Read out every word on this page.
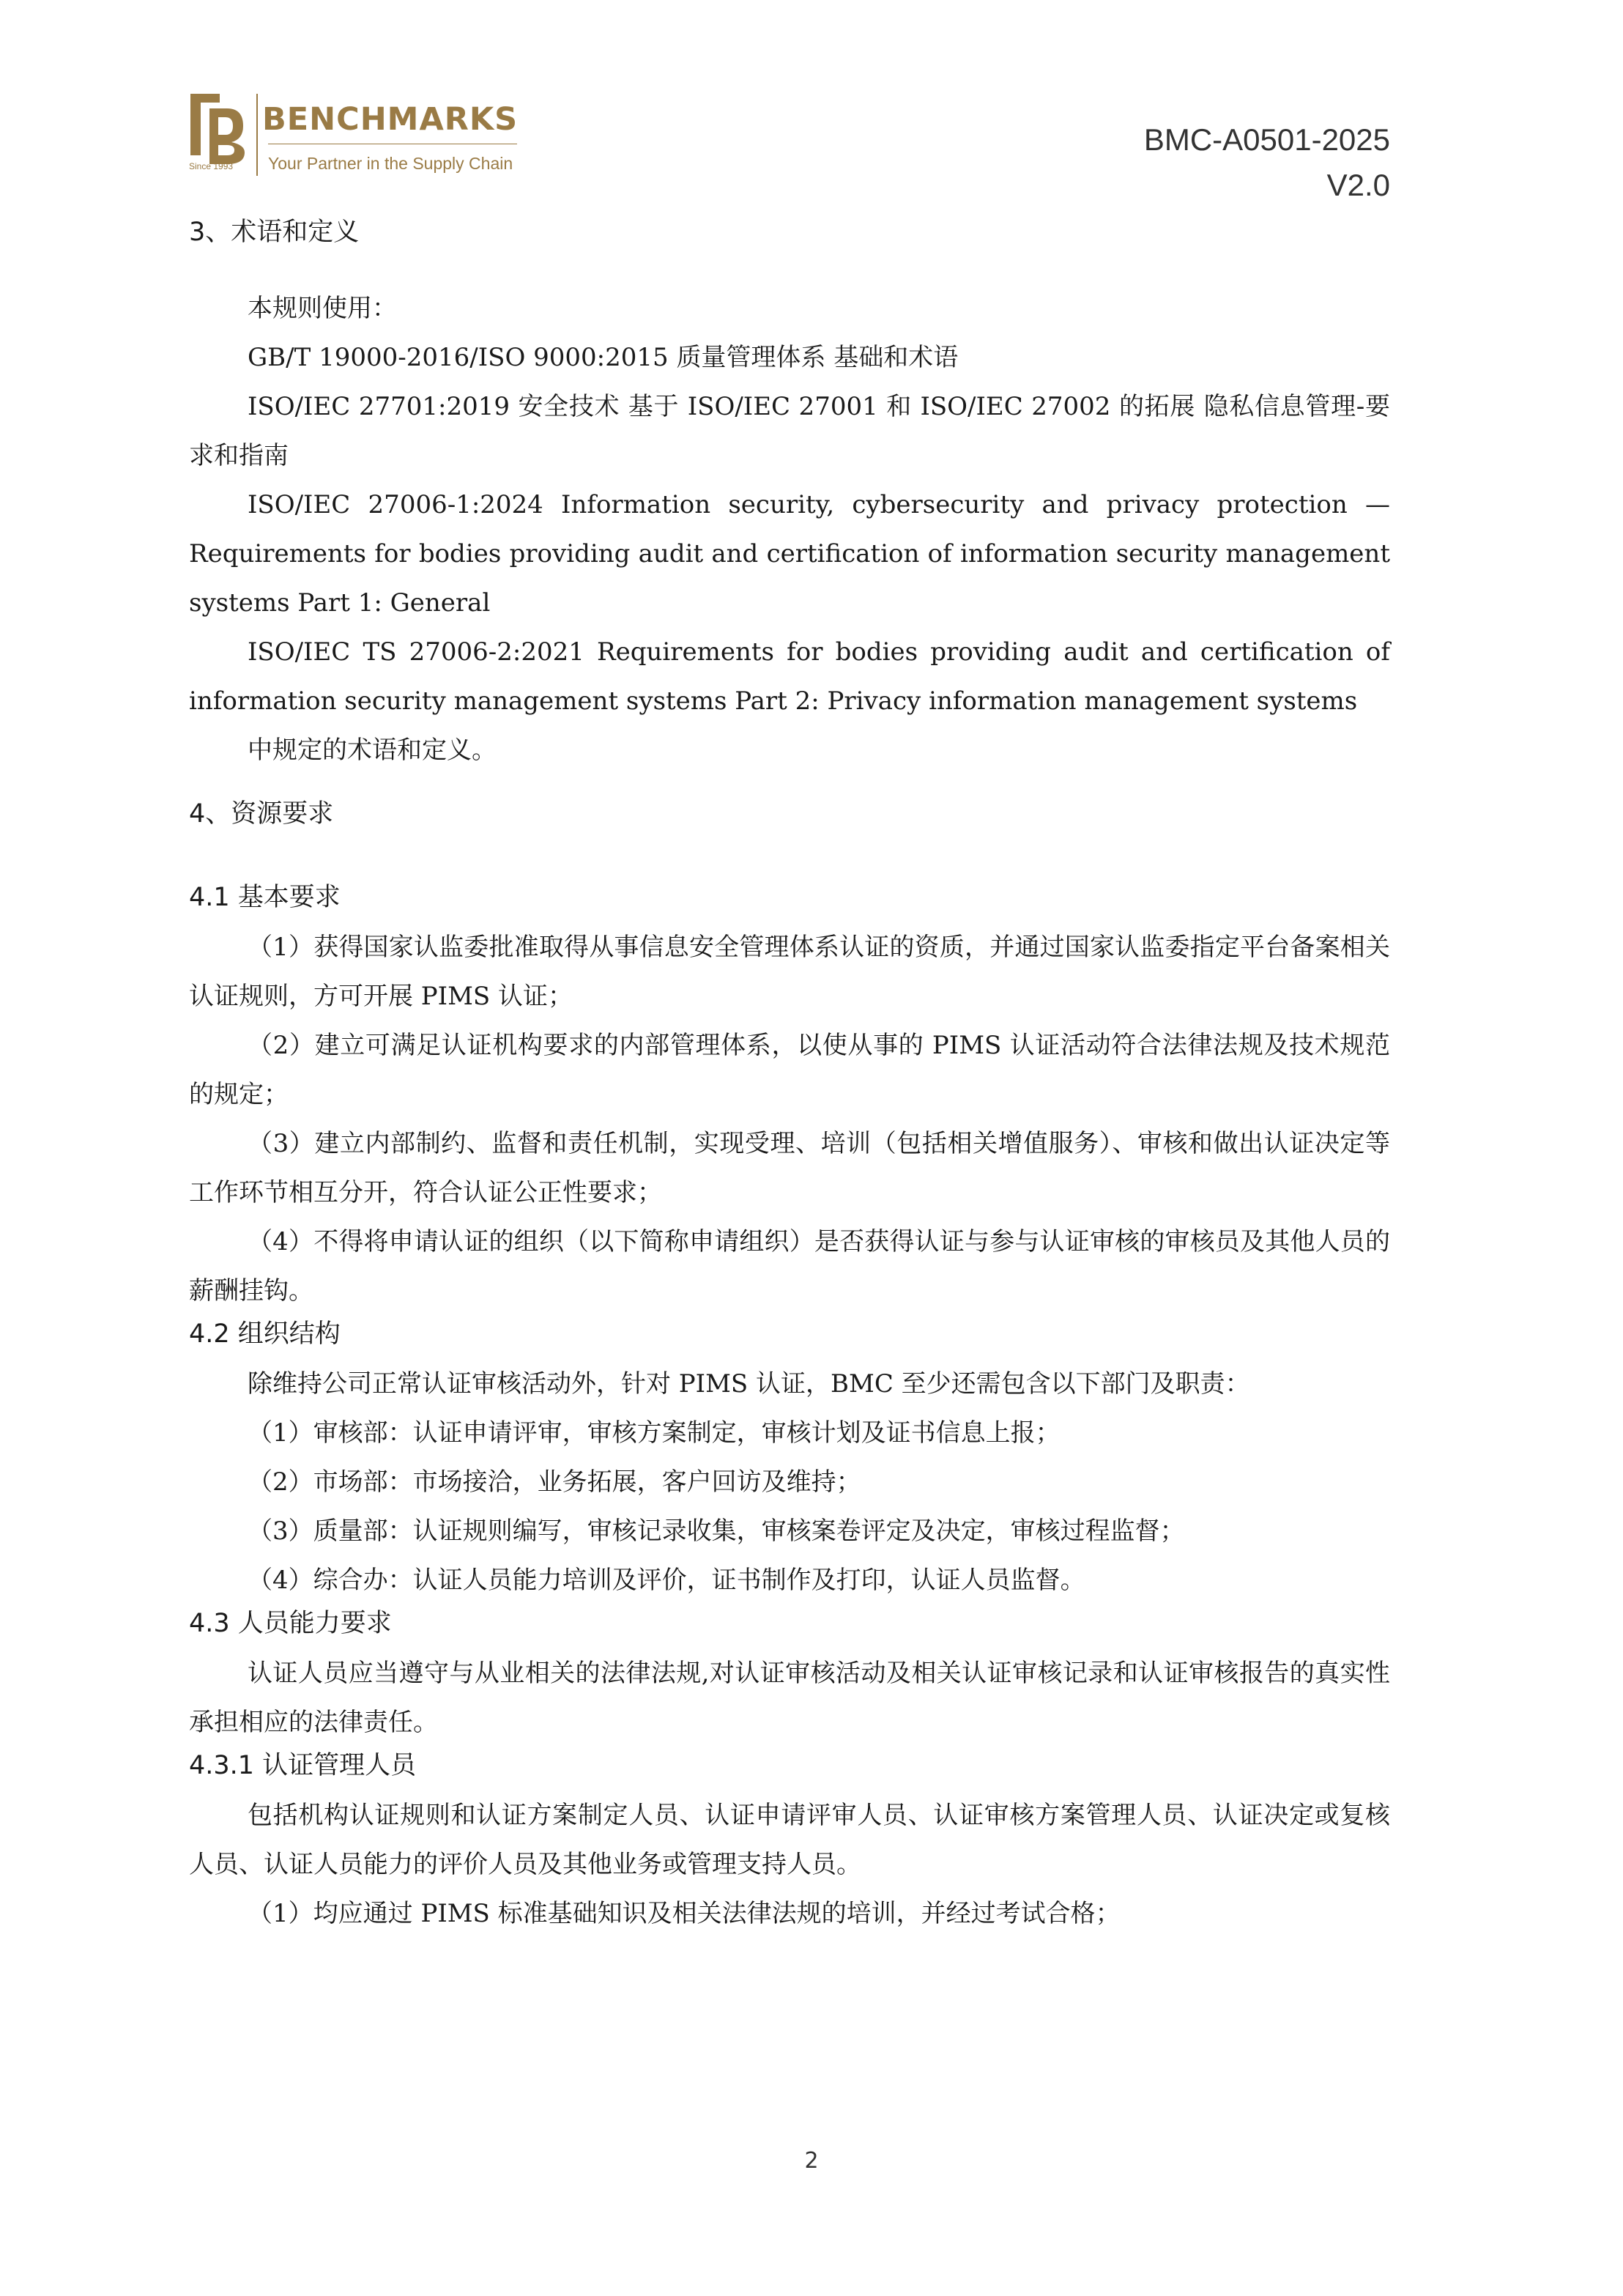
BENCHMARKS
Your Partner in the Supply Chain
Since 1993
BMC-A0501-2025
V2.0
3、术语和定义

本规则使用：

GB/T 19000-2016/ISO 9000:2015 质量管理体系 基础和术语

ISO/IEC 27701:2019 安全技术 基于 ISO/IEC 27001 和 ISO/IEC 27002 的拓展 隐私信息管理-要求和指南

ISO/IEC 27006-1:2024 Information security, cybersecurity and privacy protection — Requirements for bodies providing audit and certification of information security management systems Part 1: General

ISO/IEC TS 27006-2:2021 Requirements for bodies providing audit and certification of information security management systems Part 2: Privacy information management systems

中规定的术语和定义。

4、资源要求
4.1 基本要求

（1）获得国家认监委批准取得从事信息安全管理体系认证的资质，并通过国家认监委指定平台备案相关认证规则，方可开展 PIMS 认证；

（2）建立可满足认证机构要求的内部管理体系，以使从事的 PIMS 认证活动符合法律法规及技术规范的规定；

（3）建立内部制约、监督和责任机制，实现受理、培训（包括相关增值服务）、审核和做出认证决定等工作环节相互分开，符合认证公正性要求；

（4）不得将申请认证的组织（以下简称申请组织）是否获得认证与参与认证审核的审核员及其他人员的薪酬挂钩。

4.2 组织结构

除维持公司正常认证审核活动外，针对 PIMS 认证，BMC 至少还需包含以下部门及职责：

（1）审核部：认证申请评审，审核方案制定，审核计划及证书信息上报；

（2）市场部：市场接洽，业务拓展，客户回访及维持；

（3）质量部：认证规则编写，审核记录收集，审核案卷评定及决定，审核过程监督；

（4）综合办：认证人员能力培训及评价，证书制作及打印，认证人员监督。

4.3 人员能力要求

认证人员应当遵守与从业相关的法律法规,对认证审核活动及相关认证审核记录和认证审核报告的真实性承担相应的法律责任。

4.3.1 认证管理人员

包括机构认证规则和认证方案制定人员、认证申请评审人员、认证审核方案管理人员、认证决定或复核人员、认证人员能力的评价人员及其他业务或管理支持人员。

（1）均应通过 PIMS 标准基础知识及相关法律法规的培训，并经过考试合格；

2
